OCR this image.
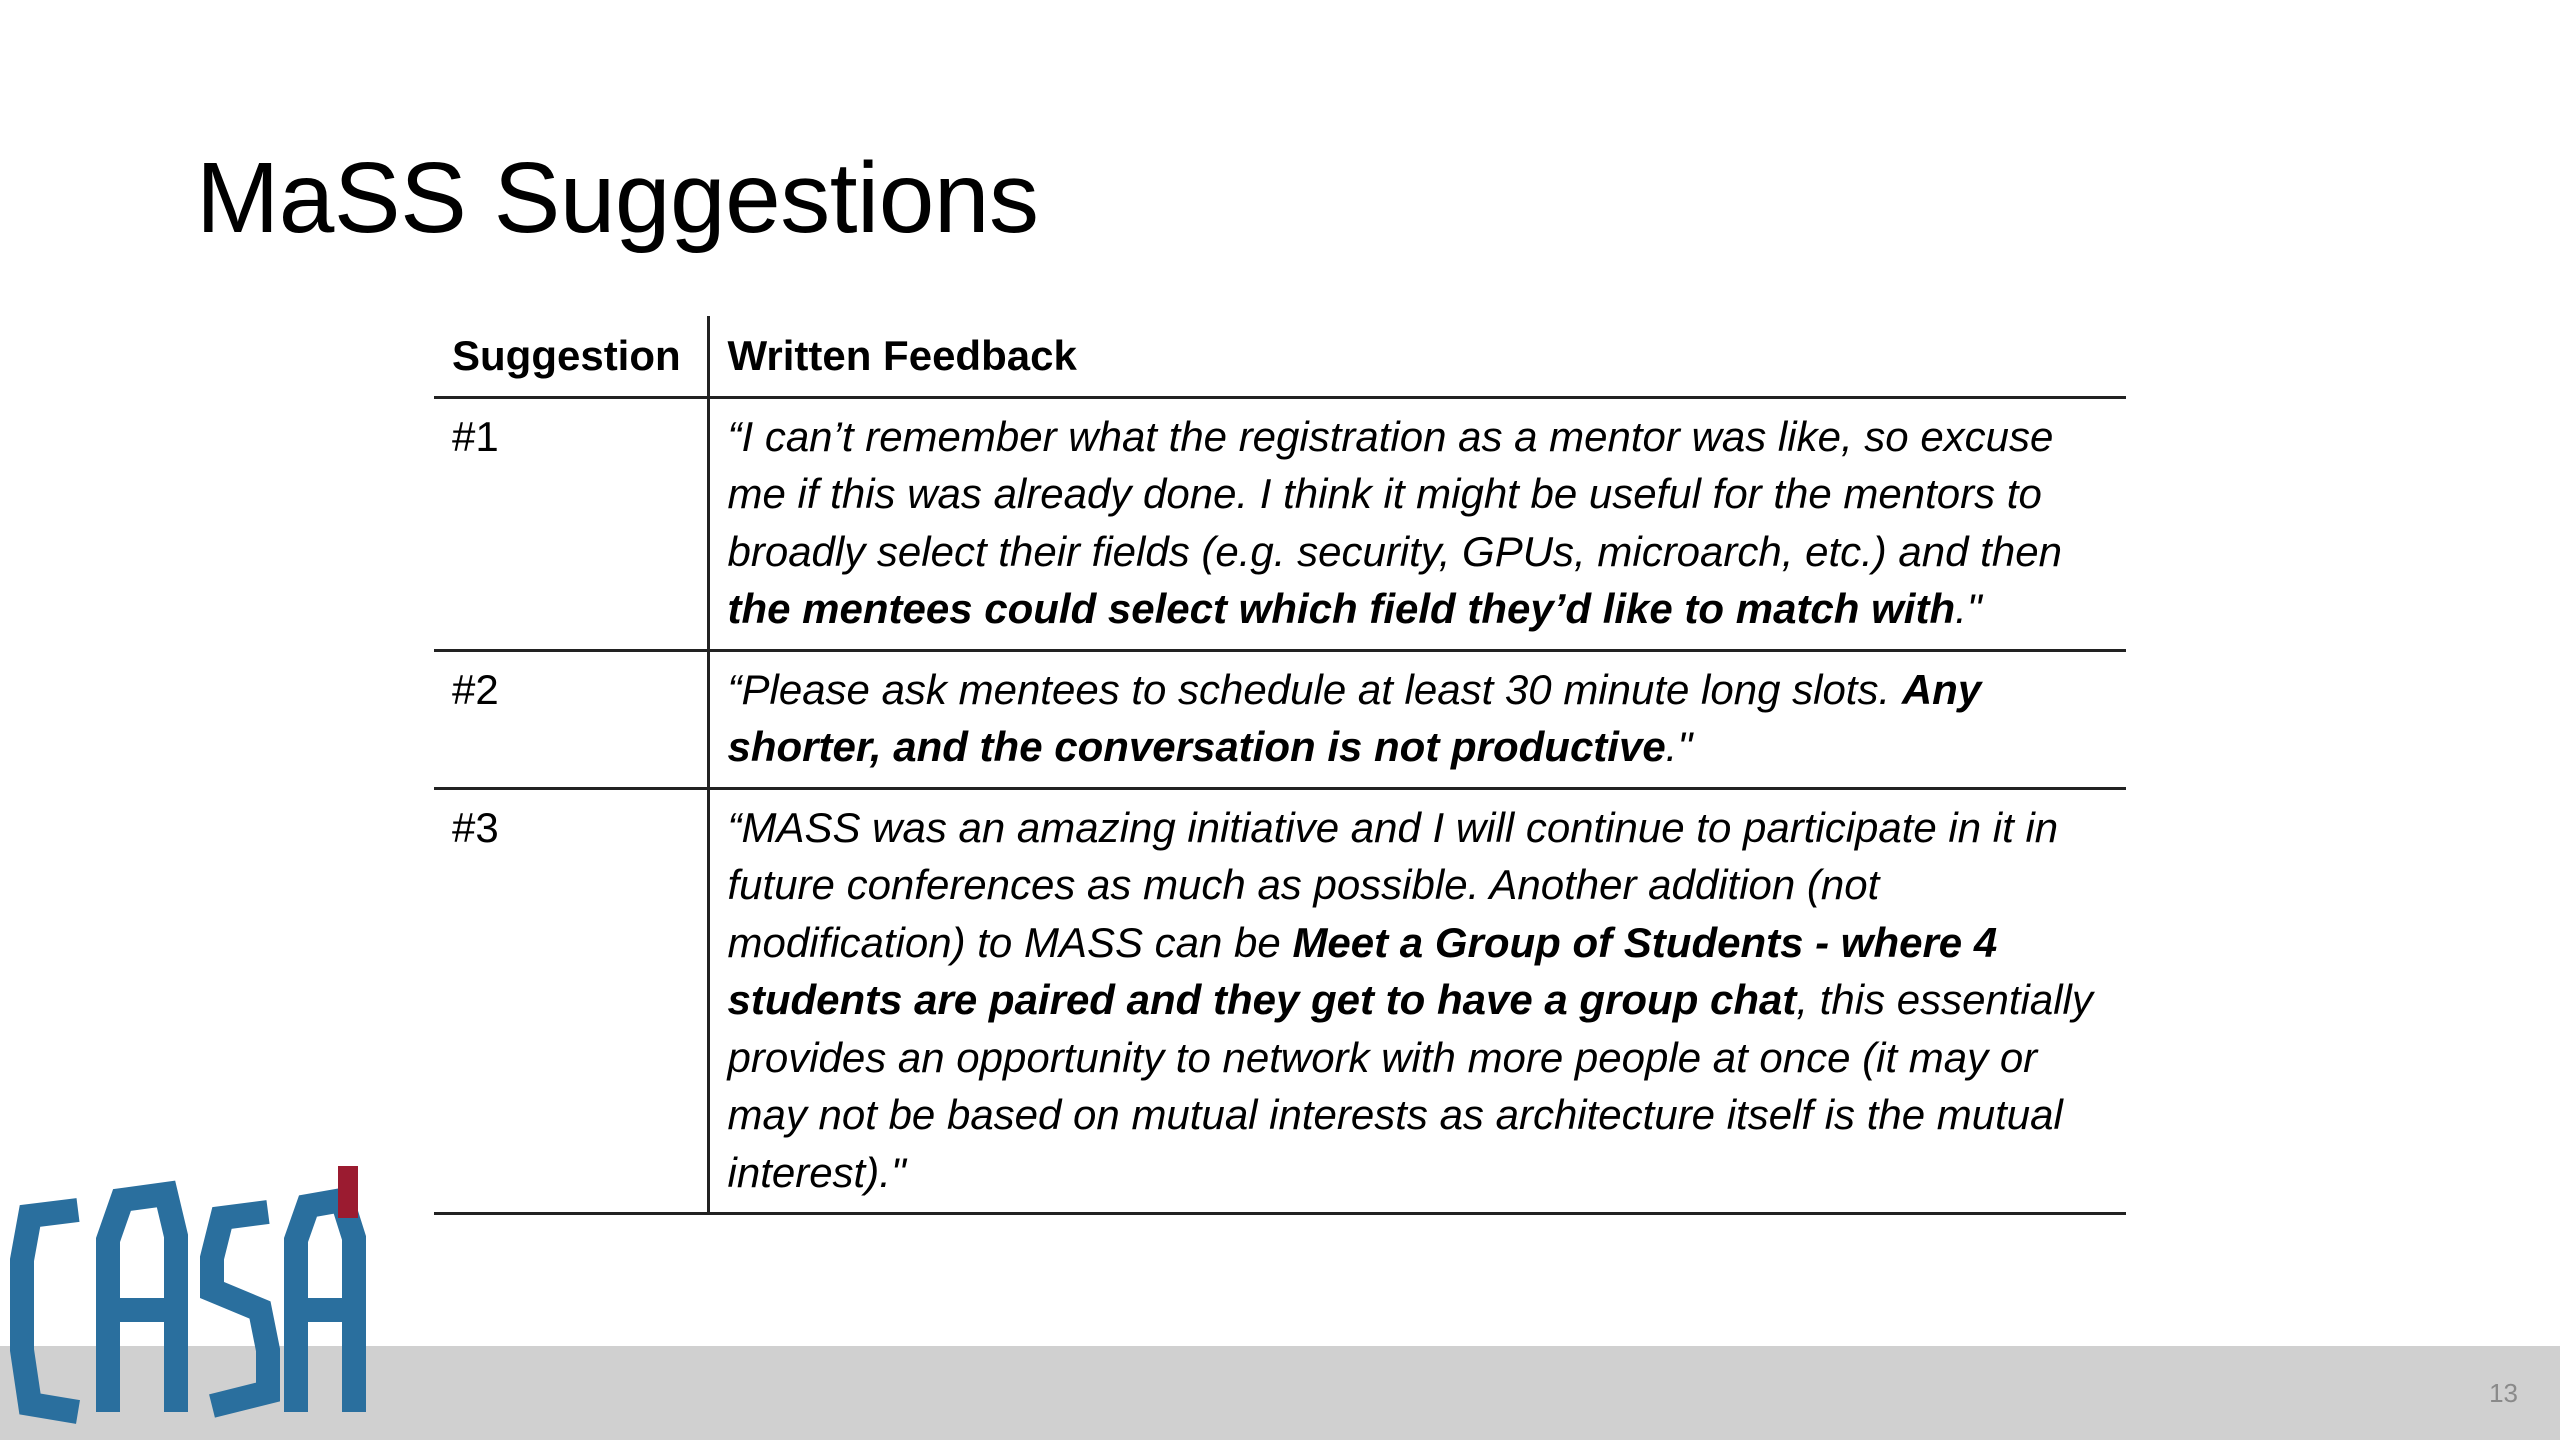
MaSS Suggestions
Suggestion	Written Feedback
#1	“I can’t remember what the registration as a mentor was like, so excuse me if this was already done. I think it might be useful for the mentors to broadly select their fields (e.g. security, GPUs, microarch, etc.) and then the mentees could select which field they’d like to match with."
#2	“Please ask mentees to schedule at least 30 minute long slots. Any shorter, and the conversation is not productive."
#3	“MASS was an amazing initiative and I will continue to participate in it in future conferences as much as possible. Another addition (not modification) to MASS can be Meet a Group of Students - where 4 students are paired and they get to have a group chat, this essentially provides an opportunity to network with more people at once (it may or may not be based on mutual interests as architecture itself is the mutual interest)."
13
